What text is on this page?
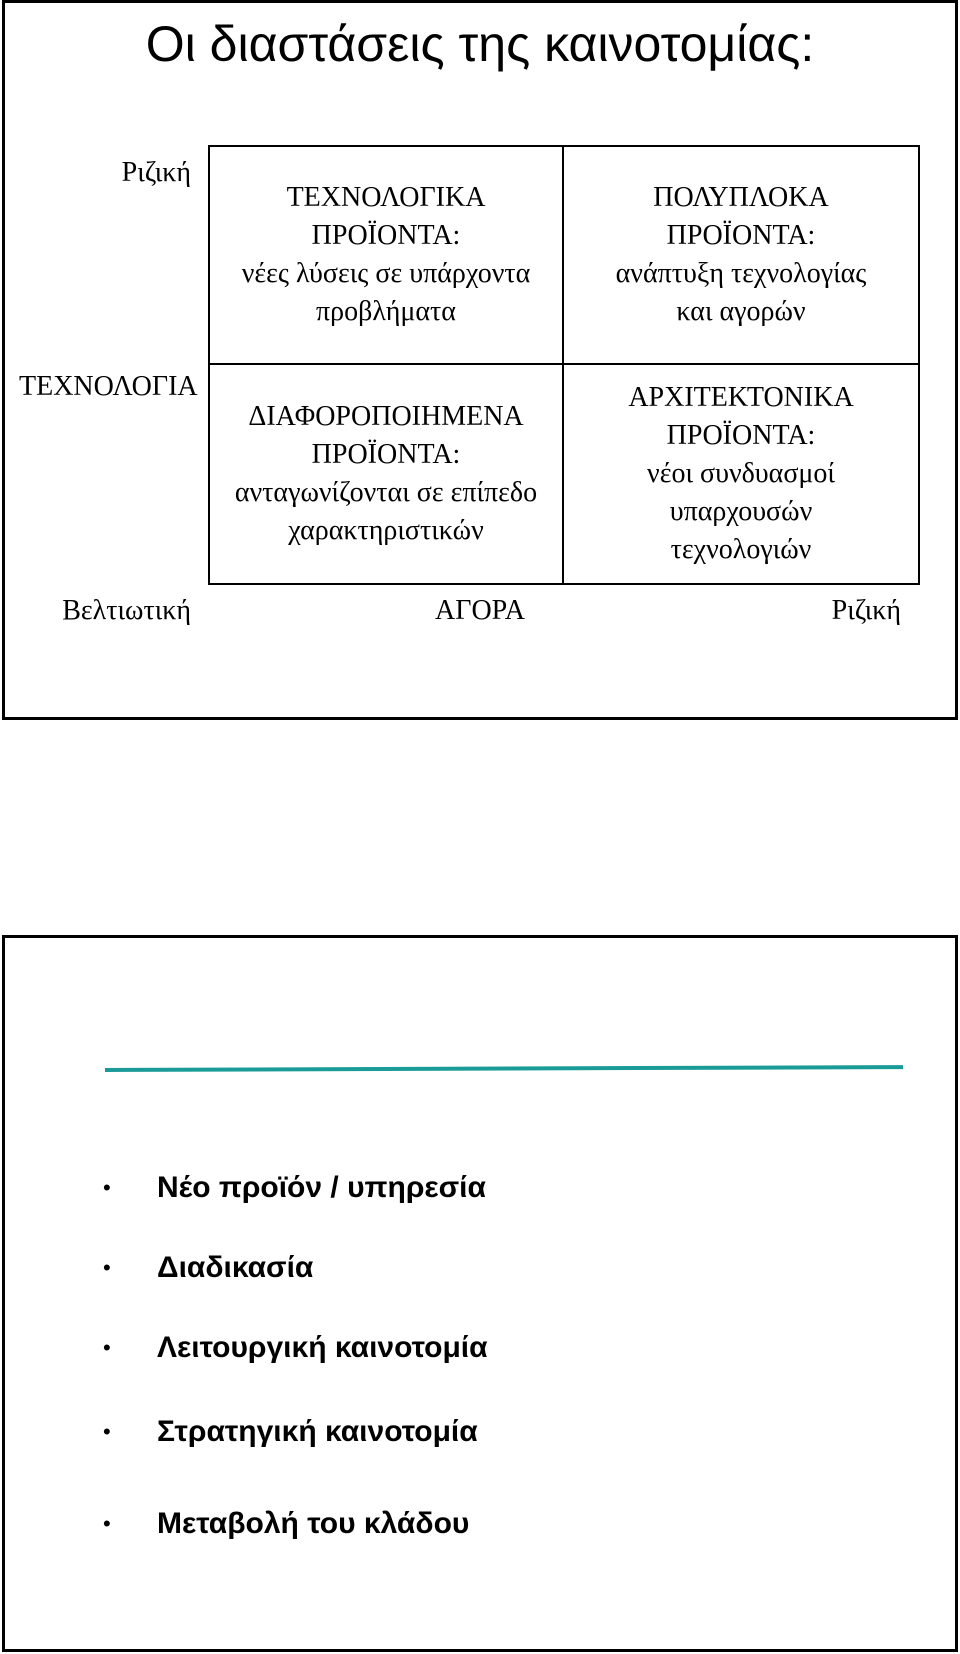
Οι διαστάσεις της καινοτομίας:
Ριζική
ΤΕΧΝΟΛΟΓΙΑ
ΤΕΧΝΟΛΟΓΙΚΑ
ΠΡΟΪΟΝΤΑ:
νέες λύσεις σε υπάρχοντα
προβλήματα
ΠΟΛΥΠΛΟΚΑ
ΠΡΟΪΟΝΤΑ:
ανάπτυξη τεχνολογίας
και αγορών
ΔΙΑΦΟΡΟΠΟΙΗΜΕΝΑ
ΠΡΟΪΟΝΤΑ:
ανταγωνίζονται σε επίπεδο
χαρακτηριστικών
ΑΡΧΙΤΕΚΤΟΝΙΚΑ
ΠΡΟΪΟΝΤΑ:
νέοι συνδυασμοί
υπαρχουσών
τεχνολογιών
Βελτιωτική	ΑΓΟΡΑ	Ριζική
• Νέο προϊόν / υπηρεσία
• Διαδικασία
• Λειτουργική καινοτομία
• Στρατηγική καινοτομία
• Μεταβολή του κλάδου
